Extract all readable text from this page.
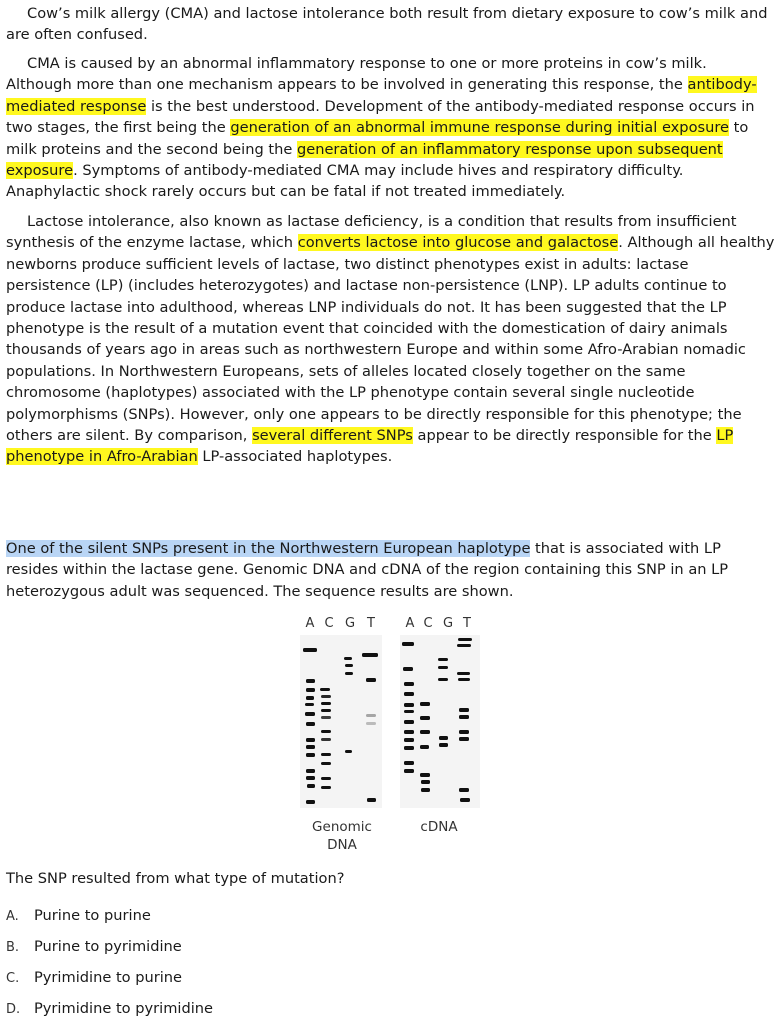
Cow’s milk allergy (CMA) and lactose intolerance both result from dietary exposure to cow’s milk and are often confused.

CMA is caused by an abnormal inflammatory response to one or more proteins in cow’s milk. Although more than one mechanism appears to be involved in generating this response, the antibody-mediated response is the best understood. Development of the antibody-mediated response occurs in two stages, the first being the generation of an abnormal immune response during initial exposure to milk proteins and the second being the generation of an inflammatory response upon subsequent exposure. Symptoms of antibody-mediated CMA may include hives and respiratory difficulty. Anaphylactic shock rarely occurs but can be fatal if not treated immediately.

Lactose intolerance, also known as lactase deficiency, is a condition that results from insufficient synthesis of the enzyme lactase, which converts lactose into glucose and galactose. Although all healthy newborns produce sufficient levels of lactase, two distinct phenotypes exist in adults: lactase persistence (LP) (includes heterozygotes) and lactase non-persistence (LNP). LP adults continue to produce lactase into adulthood, whereas LNP individuals do not. It has been suggested that the LP phenotype is the result of a mutation event that coincided with the domestication of dairy animals thousands of years ago in areas such as northwestern Europe and within some Afro-Arabian nomadic populations. In Northwestern Europeans, sets of alleles located closely together on the same chromosome (haplotypes) associated with the LP phenotype contain several single nucleotide polymorphisms (SNPs). However, only one appears to be directly responsible for this phenotype; the others are silent. By comparison, several different SNPs appear to be directly responsible for the LP phenotype in Afro-Arabian LP-associated haplotypes.

One of the silent SNPs present in the Northwestern European haplotype that is associated with LP resides within the lactase gene. Genomic DNA and cDNA of the region containing this SNP in an LP heterozygous adult was sequenced. The sequence results are shown.

A C G T A C G T
Genomic DNA
cDNA

The SNP resulted from what type of mutation?

A. Purine to purine
B. Purine to pyrimidine
C. Pyrimidine to purine
D. Pyrimidine to pyrimidine
